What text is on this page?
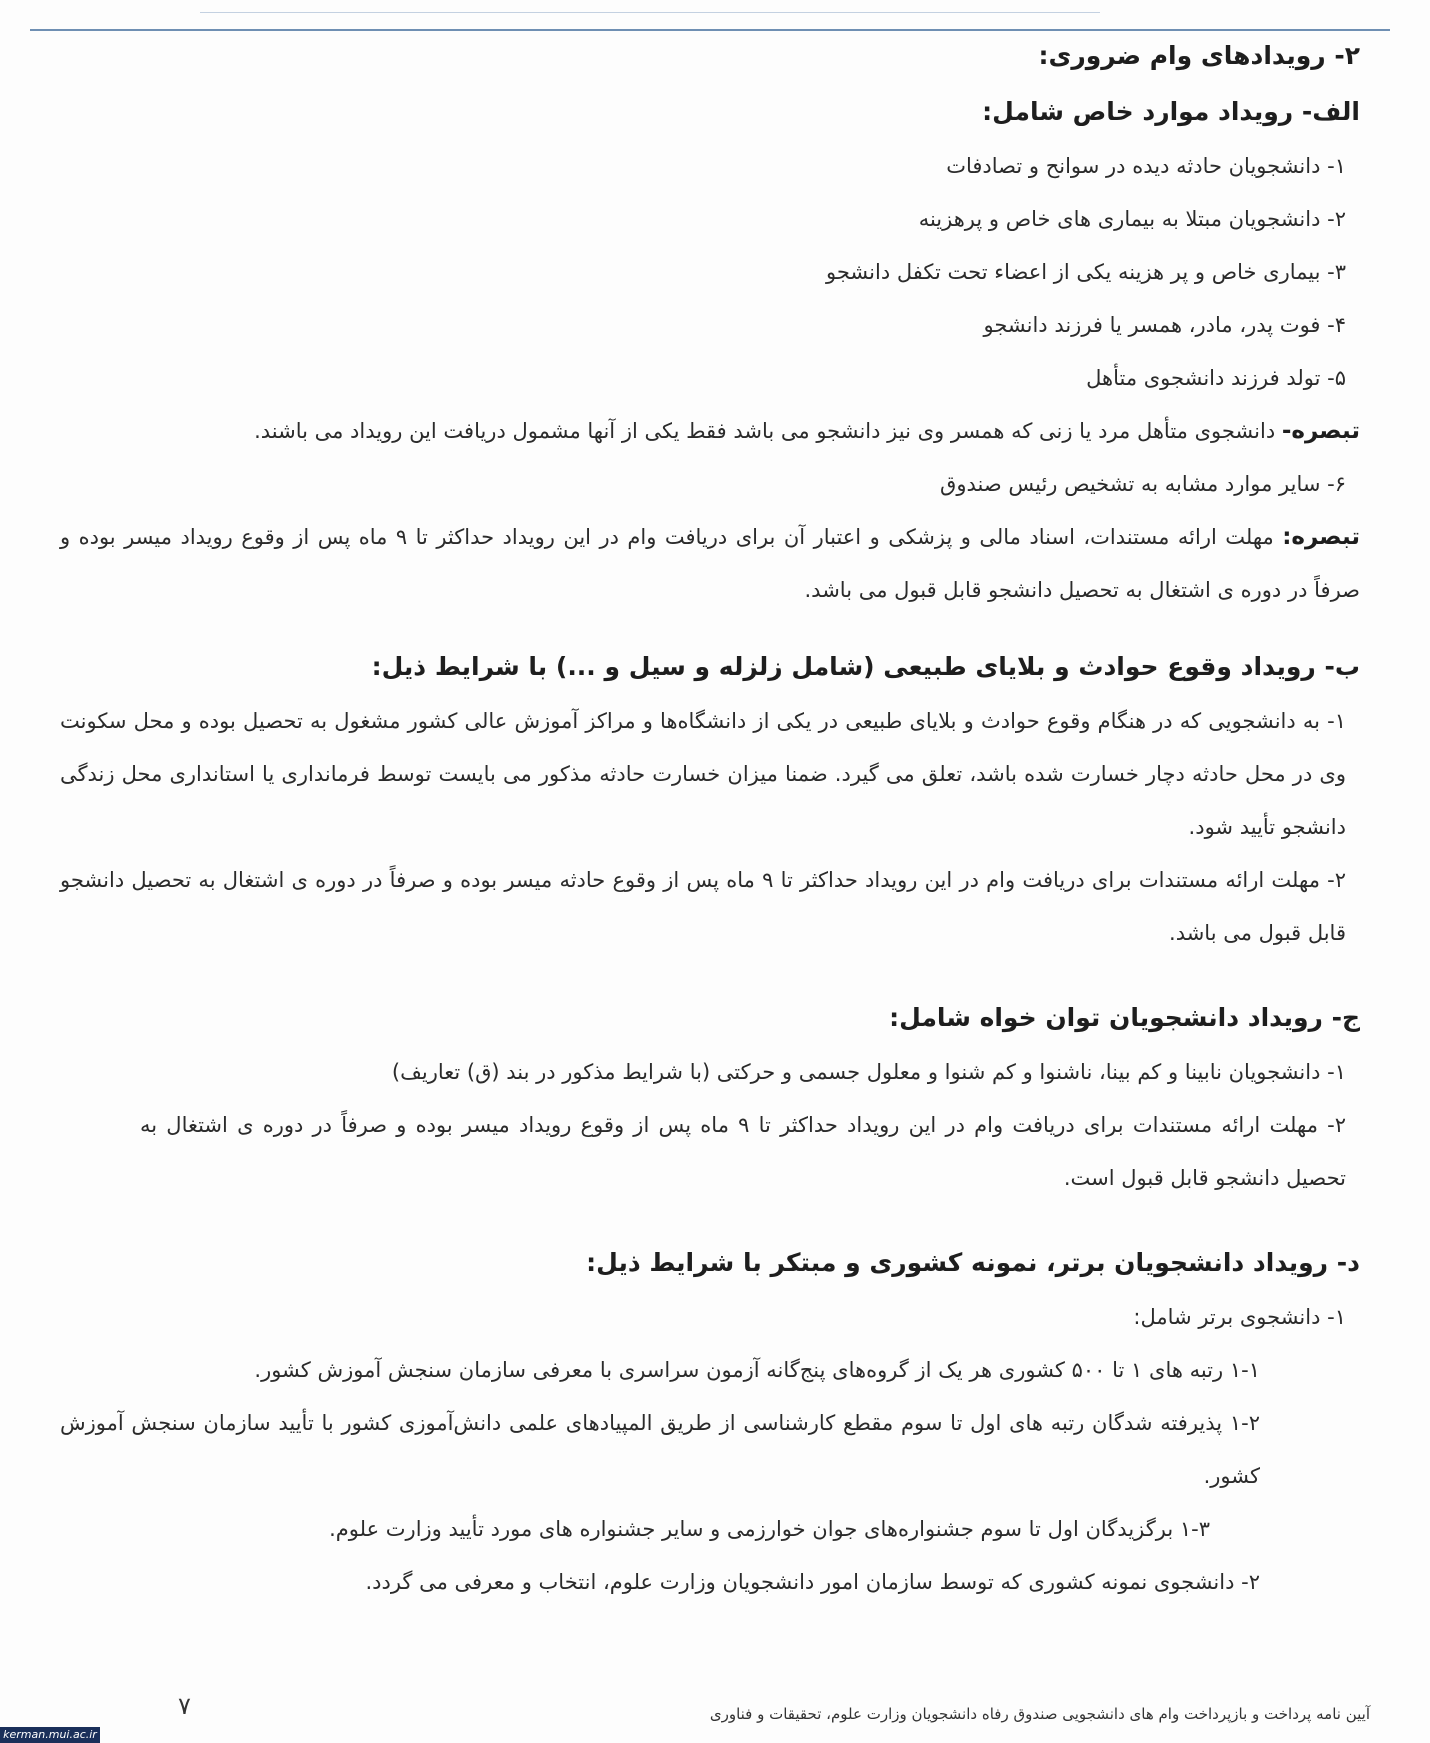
۲- رویدادهای وام ضروری:
الف- رویداد موارد خاص شامل:
۱- دانشجویان حادثه دیده در سوانح و تصادفات
۲- دانشجویان مبتلا به بیماری های خاص و پرهزینه
۳- بیماری خاص و پر هزینه یکی از اعضاء تحت تکفل دانشجو
۴- فوت پدر، مادر، همسر یا فرزند دانشجو
۵- تولد فرزند دانشجوی متأهل
تبصره- دانشجوی متأهل مرد یا زنی که همسر وی نیز دانشجو می باشد فقط یکی از آنها مشمول دریافت این رویداد می باشند.
۶- سایر موارد مشابه به تشخیص رئیس صندوق
تبصره: مهلت ارائه مستندات، اسناد مالی و پزشکی و اعتبار آن برای دریافت وام در این رویداد حداکثر تا ۹ ماه پس از وقوع رویداد میسر بوده و صرفاً در دوره ی اشتغال به تحصیل دانشجو قابل قبول می باشد.
ب- رویداد وقوع حوادث و بلایای طبیعی (شامل زلزله و سیل و ...) با شرایط ذیل:
۱- به دانشجویی که در هنگام وقوع حوادث و بلایای طبیعی در یکی از دانشگاه‌ها و مراکز آموزش عالی کشور مشغول به تحصیل بوده و محل سکونت وی در محل حادثه دچار خسارت شده باشد، تعلق می گیرد. ضمنا میزان خسارت حادثه مذکور می بایست توسط فرمانداری یا استانداری محل زندگی دانشجو تأیید شود.
۲- مهلت ارائه مستندات برای دریافت وام در این رویداد حداکثر تا ۹ ماه پس از وقوع حادثه میسر بوده و صرفاً در دوره ی اشتغال به تحصیل دانشجو قابل قبول می باشد.
ج- رویداد دانشجویان توان خواه شامل:
۱- دانشجویان نابینا و کم بینا، ناشنوا و کم شنوا و معلول جسمی و حرکتی (با شرایط مذکور در بند (ق) تعاریف)
۲- مهلت ارائه مستندات برای دریافت وام در این رویداد حداکثر تا ۹ ماه پس از وقوع رویداد میسر بوده و صرفاً در دوره ی اشتغال به تحصیل دانشجو قابل قبول است.
د- رویداد دانشجویان برتر، نمونه کشوری و مبتکر با شرایط ذیل:
۱- دانشجوی برتر شامل:
۱-۱ رتبه های ۱ تا ۵۰۰ کشوری هر یک از گروه‌های پنج‌گانه آزمون سراسری با معرفی سازمان سنجش آموزش کشور.
۱-۲ پذیرفته شدگان رتبه های اول تا سوم مقطع کارشناسی از طریق المپیادهای علمی دانش‌آموزی کشور با تأیید سازمان سنجش آموزش کشور.
۱-۳ برگزیدگان اول تا سوم جشنواره‌های جوان خوارزمی و سایر جشنواره های مورد تأیید وزارت علوم.
۲- دانشجوی نمونه کشوری که توسط سازمان امور دانشجویان وزارت علوم، انتخاب و معرفی می گردد.
۷	آیین نامه پرداخت و بازپرداخت وام های دانشجویی صندوق رفاه دانشجویان وزارت علوم، تحقیقات و فناوری
kerman.mui.ac.ir
